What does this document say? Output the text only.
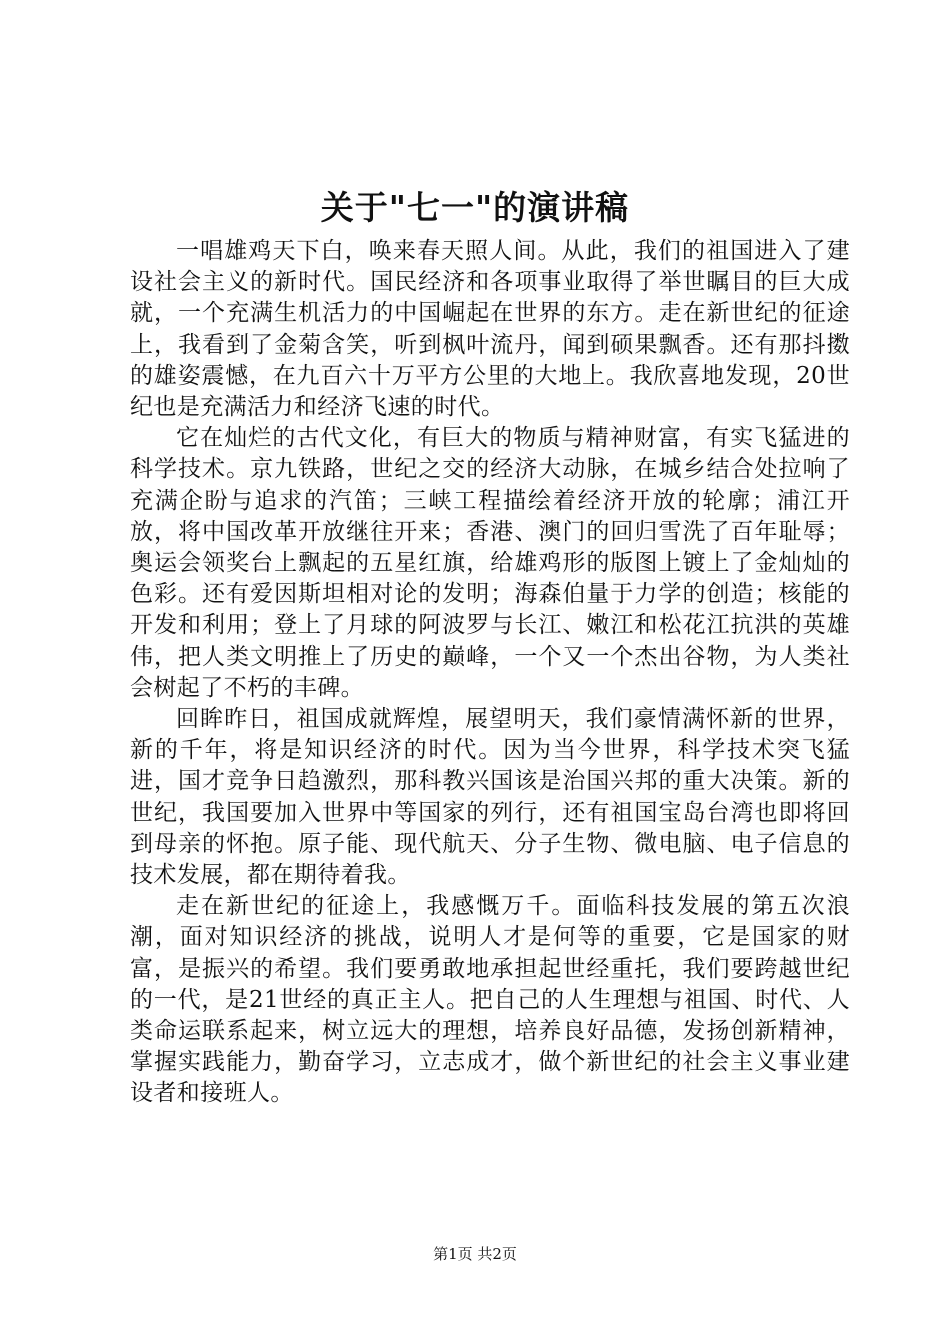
关于"七一"的演讲稿

一唱雄鸡天下白，唤来春天照人间。从此，我们的祖国进入了建设社会主义的新时代。国民经济和各项事业取得了举世瞩目的巨大成就，一个充满生机活力的中国崛起在世界的东方。走在新世纪的征途上，我看到了金菊含笑，听到枫叶流丹，闻到硕果飘香。还有那抖擞的雄姿震憾，在九百六十万平方公里的大地上。我欣喜地发现，20世纪也是充满活力和经济飞速的时代。

它在灿烂的古代文化，有巨大的物质与精神财富，有实飞猛进的科学技术。京九铁路，世纪之交的经济大动脉，在城乡结合处拉响了充满企盼与追求的汽笛；三峡工程描绘着经济开放的轮廓；浦江开放，将中国改革开放继往开来；香港、澳门的回归雪洗了百年耻辱；奥运会领奖台上飘起的五星红旗，给雄鸡形的版图上镀上了金灿灿的色彩。还有爱因斯坦相对论的发明；海森伯量于力学的创造；核能的开发和利用；登上了月球的阿波罗与长江、嫩江和松花江抗洪的英雄伟，把人类文明推上了历史的巅峰，一个又一个杰出谷物，为人类社会树起了不朽的丰碑。

回眸昨日，祖国成就辉煌，展望明天，我们豪情满怀新的世界，新的千年，将是知识经济的时代。因为当今世界，科学技术突飞猛进，国才竞争日趋激烈，那科教兴国该是治国兴邦的重大决策。新的世纪，我国要加入世界中等国家的列行，还有祖国宝岛台湾也即将回到母亲的怀抱。原子能、现代航天、分子生物、微电脑、电子信息的技术发展，都在期待着我。

走在新世纪的征途上，我感慨万千。面临科技发展的第五次浪潮，面对知识经济的挑战，说明人才是何等的重要，它是国家的财富，是振兴的希望。我们要勇敢地承担起世经重托，我们要跨越世纪的一代，是21世经的真正主人。把自己的人生理想与祖国、时代、人类命运联系起来，树立远大的理想，培养良好品德，发扬创新精神，掌握实践能力，勤奋学习，立志成才，做个新世纪的社会主义事业建设者和接班人。

第1页 共2页
